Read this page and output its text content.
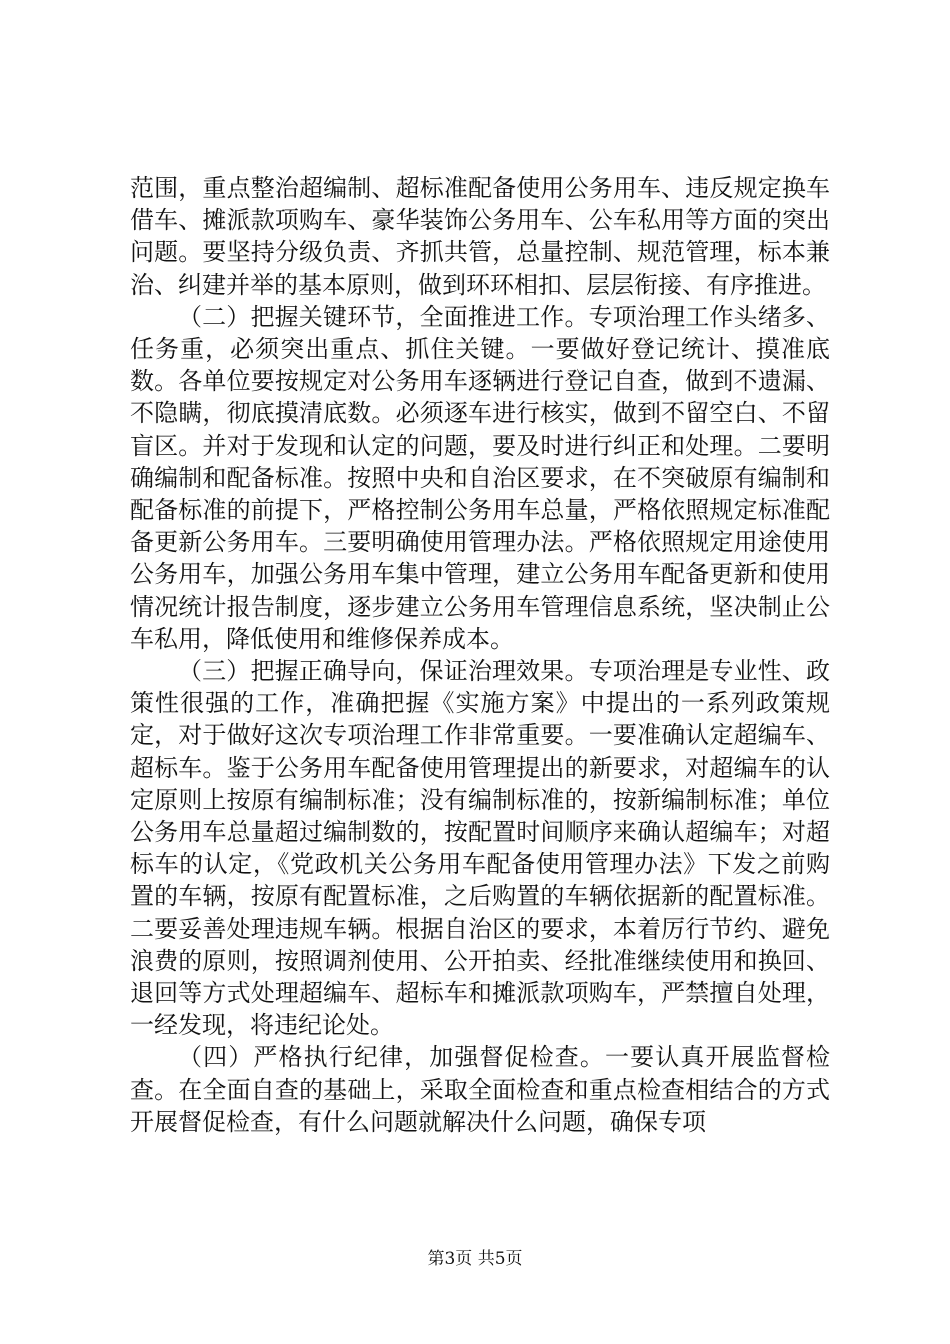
范围，重点整治超编制、超标准配备使用公务用车、违反规定换车借车、摊派款项购车、豪华装饰公务用车、公车私用等方面的突出问题。要坚持分级负责、齐抓共管，总量控制、规范管理，标本兼治、纠建并举的基本原则，做到环环相扣、层层衔接、有序推进。

（二）把握关键环节，全面推进工作。专项治理工作头绪多、任务重，必须突出重点、抓住关键。一要做好登记统计、摸准底数。各单位要按规定对公务用车逐辆进行登记自查，做到不遗漏、不隐瞒，彻底摸清底数。必须逐车进行核实，做到不留空白、不留盲区。并对于发现和认定的问题，要及时进行纠正和处理。二要明确编制和配备标准。按照中央和自治区要求，在不突破原有编制和配备标准的前提下，严格控制公务用车总量，严格依照规定标准配备更新公务用车。三要明确使用管理办法。严格依照规定用途使用公务用车，加强公务用车集中管理，建立公务用车配备更新和使用情况统计报告制度，逐步建立公务用车管理信息系统，坚决制止公车私用，降低使用和维修保养成本。

（三）把握正确导向，保证治理效果。专项治理是专业性、政策性很强的工作，准确把握《实施方案》中提出的一系列政策规定，对于做好这次专项治理工作非常重要。一要准确认定超编车、超标车。鉴于公务用车配备使用管理提出的新要求，对超编车的认定原则上按原有编制标准；没有编制标准的，按新编制标准；单位公务用车总量超过编制数的，按配置时间顺序来确认超编车；对超标车的认定，《党政机关公务用车配备使用管理办法》下发之前购置的车辆，按原有配置标准，之后购置的车辆依据新的配置标准。二要妥善处理违规车辆。根据自治区的要求，本着厉行节约、避免浪费的原则，按照调剂使用、公开拍卖、经批准继续使用和换回、退回等方式处理超编车、超标车和摊派款项购车，严禁擅自处理，一经发现，将违纪论处。

（四）严格执行纪律，加强督促检查。一要认真开展监督检查。在全面自查的基础上，采取全面检查和重点检查相结合的方式开展督促检查，有什么问题就解决什么问题，确保专项

第3页 共5页
